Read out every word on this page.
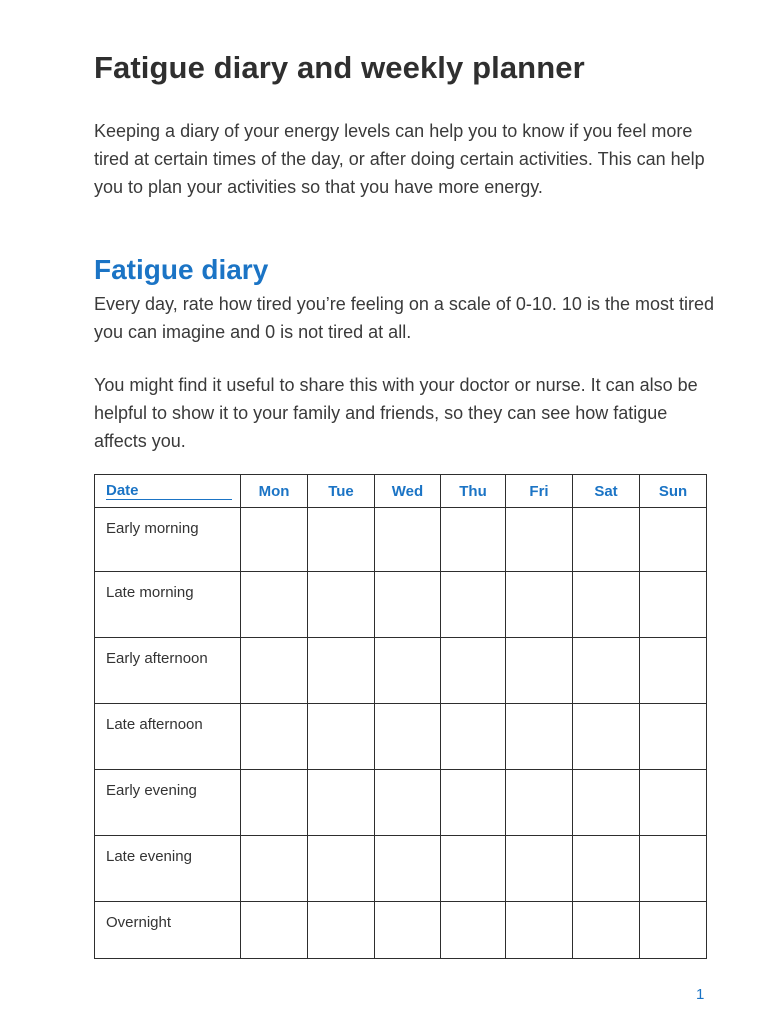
Fatigue diary and weekly planner

Keeping a diary of your energy levels can help you to know if you feel more tired at certain times of the day, or after doing certain activities. This can help you to plan your activities so that you have more energy.

Fatigue diary

Every day, rate how tired you’re feeling on a scale of 0-10. 10 is the most tired you can imagine and 0 is not tired at all.

You might find it useful to share this with your doctor or nurse. It can also be helpful to show it to your family and friends, so they can see how fatigue affects you.

Date	Mon	Tue	Wed	Thu	Fri	Sat	Sun
Early morning							
Late morning							
Early afternoon							
Late afternoon							
Early evening							
Late evening							
Overnight							
1
